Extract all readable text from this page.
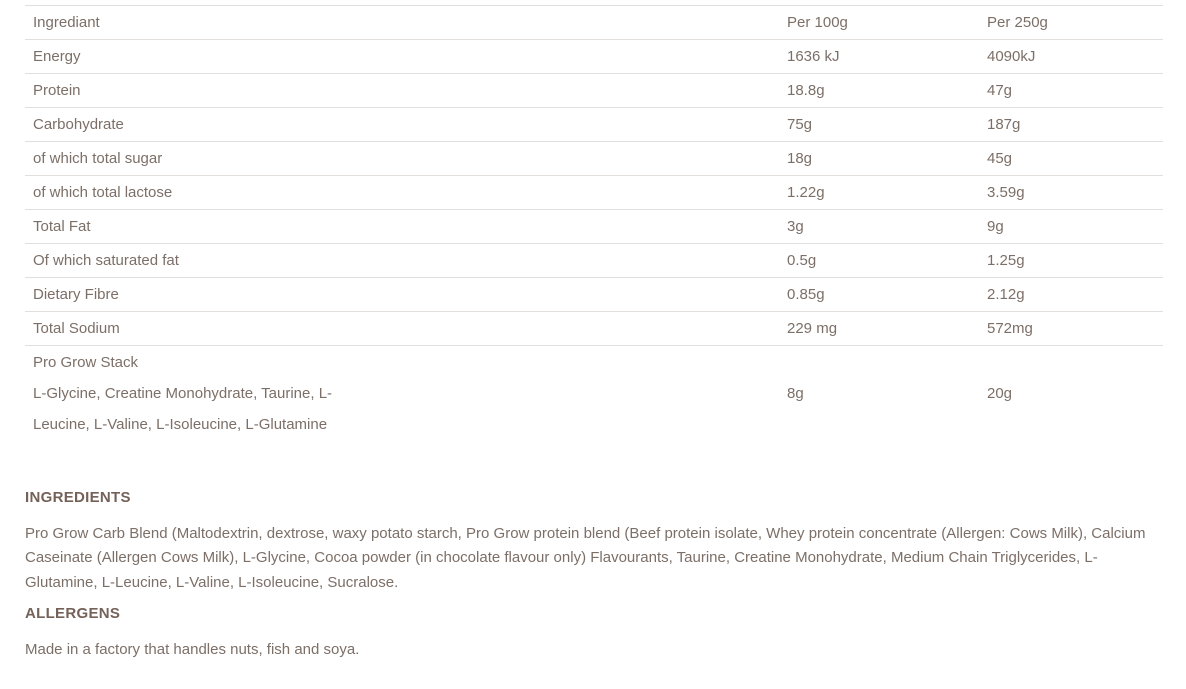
Ingrediant	Per 100g	Per 250g
Energy	1636 kJ	4090kJ
Protein	18.8g	47g
Carbohydrate	75g	187g
of which total sugar	18g	45g
of which total lactose	1.22g	3.59g
Total Fat	3g	9g
Of which saturated fat	0.5g	1.25g
Dietary Fibre	0.85g	2.12g
Total Sodium	229 mg	572mg

Pro Grow Stack
L-Glycine, Creatine Monohydrate, Taurine, L-Leucine, L-Valine, L-Isoleucine, L-Glutamine	8g	20g
INGREDIENTS

Pro Grow Carb Blend (Maltodextrin, dextrose, waxy potato starch, Pro Grow protein blend (Beef protein isolate, Whey protein concentrate (Allergen: Cows Milk), Calcium Caseinate (Allergen Cows Milk), L-Glycine, Cocoa powder (in chocolate flavour only) Flavourants, Taurine, Creatine Monohydrate, Medium Chain Triglycerides, L-Glutamine, L-Leucine, L-Valine, L-Isoleucine, Sucralose.

ALLERGENS

Made in a factory that handles nuts, fish and soya.
